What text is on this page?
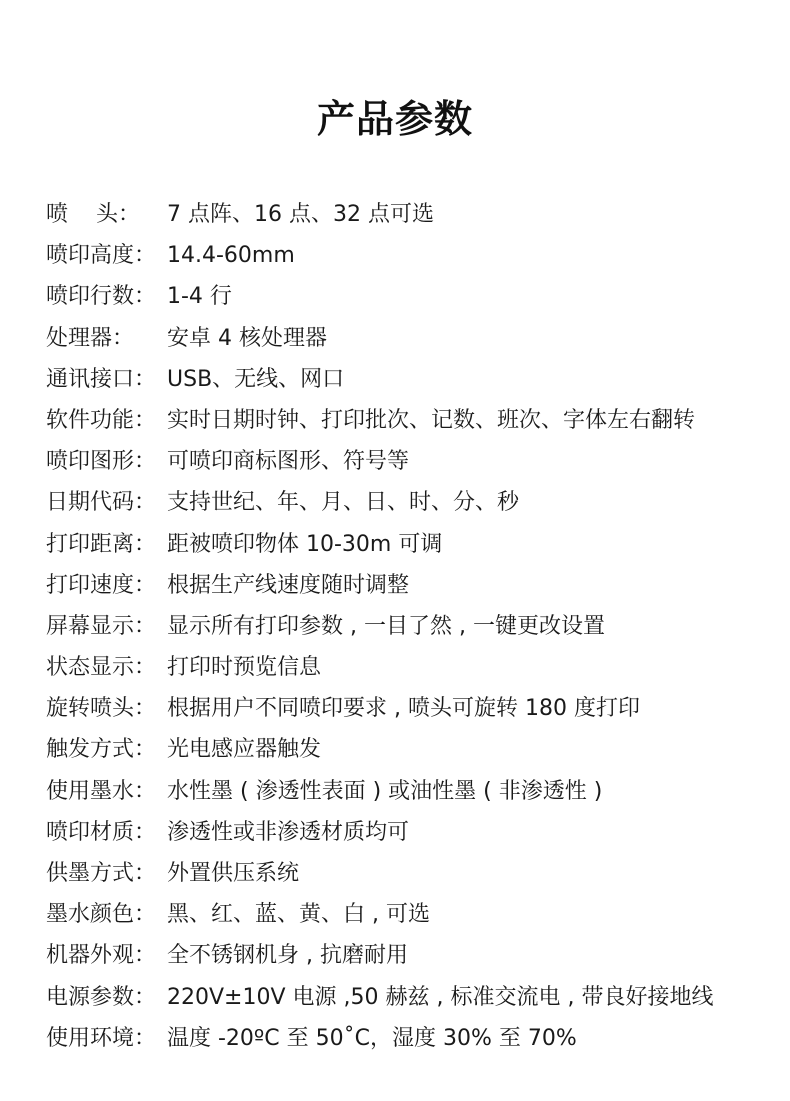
产品参数
喷    头：	7 点阵、16 点、32 点可选
喷印高度： 14.4-60mm
喷印行数： 1-4 行
处理器：	安卓 4 核处理器
通讯接口： USB、无线、网口
软件功能： 实时日期时钟、打印批次、记数、班次、字体左右翻转
喷印图形： 可喷印商标图形、符号等
日期代码： 支持世纪、年、月、日、时、分、秒
打印距离： 距被喷印物体 10-30m 可调
打印速度： 根据生产线速度随时调整
屏幕显示： 显示所有打印参数 , 一目了然 , 一键更改设置
状态显示： 打印时预览信息
旋转喷头： 根据用户不同喷印要求 , 喷头可旋转 180 度打印
触发方式： 光电感应器触发
使用墨水： 水性墨 ( 渗透性表面 ) 或油性墨 ( 非渗透性 )
喷印材质： 渗透性或非渗透材质均可
供墨方式： 外置供压系统
墨水颜色： 黑、红、蓝、黄、白 , 可选
机器外观： 全不锈钢机身 , 抗磨耐用
电源参数： 220V±10V 电源 ,50 赫兹 , 标准交流电 , 带良好接地线
使用环境： 温度 -20ºC 至 50˚C，湿度 30% 至 70%
